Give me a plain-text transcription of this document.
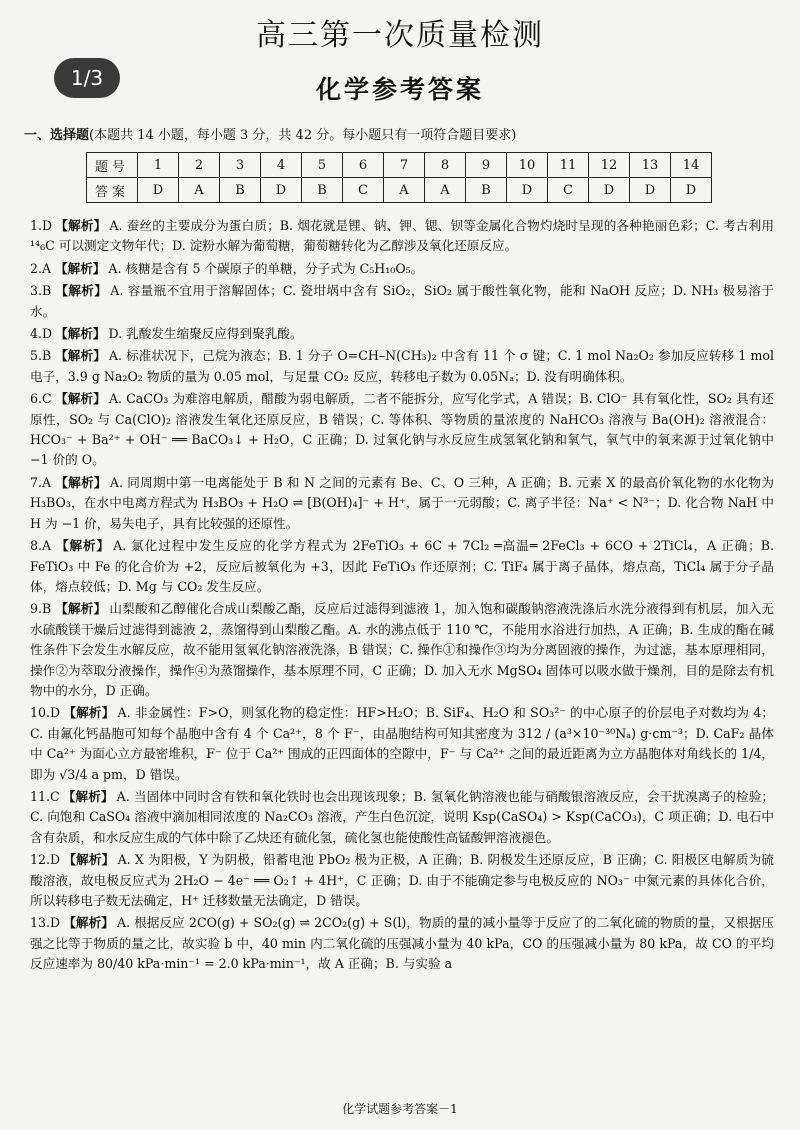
高三第一次质量检测
1/3	化学参考答案
一、选择题(本题共 14 小题，每小题 3 分，共 42 分。每小题只有一项符合题目要求)
题号	1	2	3	4	5	6	7	8	9	10	11	12	13	14
答案	D	A	B	D	B	C	A	A	B	D	C	D	D	D
1.D 【解析】 A. 蚕丝的主要成分为蛋白质；B. 烟花就是锂、钠、钾、锶、钡等金属化合物灼烧时呈现的各种艳丽色彩；C. 考古利用 ¹⁴₆C 可以测定文物年代；D. 淀粉水解为葡萄糖，葡萄糖转化为乙醇涉及氧化还原反应。
2.A 【解析】 A. 核糖是含有 5 个碳原子的单糖，分子式为 C₅H₁₀O₅。
3.B 【解析】 A. 容量瓶不宜用于溶解固体；C. 瓷坩埚中含有 SiO₂，SiO₂ 属于酸性氧化物，能和 NaOH 反应；D. NH₃ 极易溶于水。
4.D 【解析】 D. 乳酸发生缩聚反应得到聚乳酸。
5.B 【解析】 A. 标准状况下，己烷为液态；B. 1 分子 O=CH–N(CH₃)₂ 中含有 11 个 σ 键；C. 1 mol Na₂O₂ 参加反应转移 1 mol 电子，3.9 g Na₂O₂ 物质的量为 0.05 mol，与足量 CO₂ 反应，转移电子数为 0.05Nₐ；D. 没有明确体积。
6.C 【解析】 A. CaCO₃ 为难溶电解质，醋酸为弱电解质，二者不能拆分，应写化学式，A 错误；B. ClO⁻ 具有氧化性，SO₂ 具有还原性，SO₂ 与 Ca(ClO)₂ 溶液发生氧化还原反应，B 错误；C. 等体积、等物质的量浓度的 NaHCO₃ 溶液与 Ba(OH)₂ 溶液混合：HCO₃⁻ + Ba²⁺ + OH⁻ ══ BaCO₃↓ + H₂O，C 正确；D. 过氧化钠与水反应生成氢氧化钠和氧气，氧气中的氧来源于过氧化钠中 −1 价的 O。
7.A 【解析】 A. 同周期中第一电离能处于 B 和 N 之间的元素有 Be、C、O 三种，A 正确；B. 元素 X 的最高价氧化物的水化物为 H₃BO₃，在水中电离方程式为 H₃BO₃ + H₂O ⇌ [B(OH)₄]⁻ + H⁺，属于一元弱酸；C. 离子半径：Na⁺ < N³⁻；D. 化合物 NaH 中 H 为 −1 价，易失电子，具有比较强的还原性。
8.A 【解析】 A. 氯化过程中发生反应的化学方程式为 2FeTiO₃ + 6C + 7Cl₂ ═高温═ 2FeCl₃ + 6CO + 2TiCl₄，A 正确；B. FeTiO₃ 中 Fe 的化合价为 +2，反应后被氧化为 +3，因此 FeTiO₃ 作还原剂；C. TiF₄ 属于离子晶体，熔点高，TiCl₄ 属于分子晶体，熔点较低；D. Mg 与 CO₂ 发生反应。
9.B 【解析】 山梨酸和乙醇催化合成山梨酸乙酯，反应后过滤得到滤液 1，加入饱和碳酸钠溶液洗涤后水洗分液得到有机层，加入无水硫酸镁干燥后过滤得到滤液 2，蒸馏得到山梨酸乙酯。A. 水的沸点低于 110 ℃，不能用水浴进行加热，A 正确；B. 生成的酯在碱性条件下会发生水解反应，故不能用氢氧化钠溶液洗涤，B 错误；C. 操作①和操作③均为分离固液的操作，为过滤，基本原理相同，操作②为萃取分液操作，操作④为蒸馏操作，基本原理不同，C 正确；D. 加入无水 MgSO₄ 固体可以吸水做干燥剂，目的是除去有机物中的水分，D 正确。
10.D 【解析】 A. 非金属性：F>O，则氢化物的稳定性：HF>H₂O；B. SiF₄、H₂O 和 SO₃²⁻ 的中心原子的价层电子对数均为 4；C. 由氟化钙晶胞可知每个晶胞中含有 4 个 Ca²⁺，8 个 F⁻，由晶胞结构可知其密度为 312 / (a³×10⁻³⁰Nₐ) g·cm⁻³；D. CaF₂ 晶体中 Ca²⁺ 为面心立方最密堆积，F⁻ 位于 Ca²⁺ 围成的正四面体的空隙中，F⁻ 与 Ca²⁺ 之间的最近距离为立方晶胞体对角线长的 1/4，即为 √3/4 a pm，D 错误。
11.C 【解析】 A. 当固体中同时含有铁和氧化铁时也会出现该现象；B. 氢氧化钠溶液也能与硝酸银溶液反应，会干扰溴离子的检验；C. 向饱和 CaSO₄ 溶液中滴加相同浓度的 Na₂CO₃ 溶液，产生白色沉淀，说明 Ksp(CaSO₄) > Ksp(CaCO₃)，C 项正确；D. 电石中含有杂质，和水反应生成的气体中除了乙炔还有硫化氢，硫化氢也能使酸性高锰酸钾溶液褪色。
12.D 【解析】 A. X 为阳极，Y 为阴极，铅蓄电池 PbO₂ 极为正极，A 正确；B. 阴极发生还原反应，B 正确；C. 阳极区电解质为硫酸溶液，故电极反应式为 2H₂O − 4e⁻ ══ O₂↑ + 4H⁺，C 正确；D. 由于不能确定参与电极反应的 NO₃⁻ 中氮元素的具体化合价，所以转移电子数无法确定，H⁺ 迁移数量无法确定，D 错误。
13.D 【解析】 A. 根据反应 2CO(g) + SO₂(g) ⇌ 2CO₂(g) + S(l)，物质的量的减小量等于反应了的二氧化硫的物质的量，又根据压强之比等于物质的量之比，故实验 b 中，40 min 内二氧化硫的压强减小量为 40 kPa，CO 的压强减小量为 80 kPa，故 CO 的平均反应速率为 80/40 kPa·min⁻¹ = 2.0 kPa·min⁻¹，故 A 正确；B. 与实验 a
化学试题参考答案－1
